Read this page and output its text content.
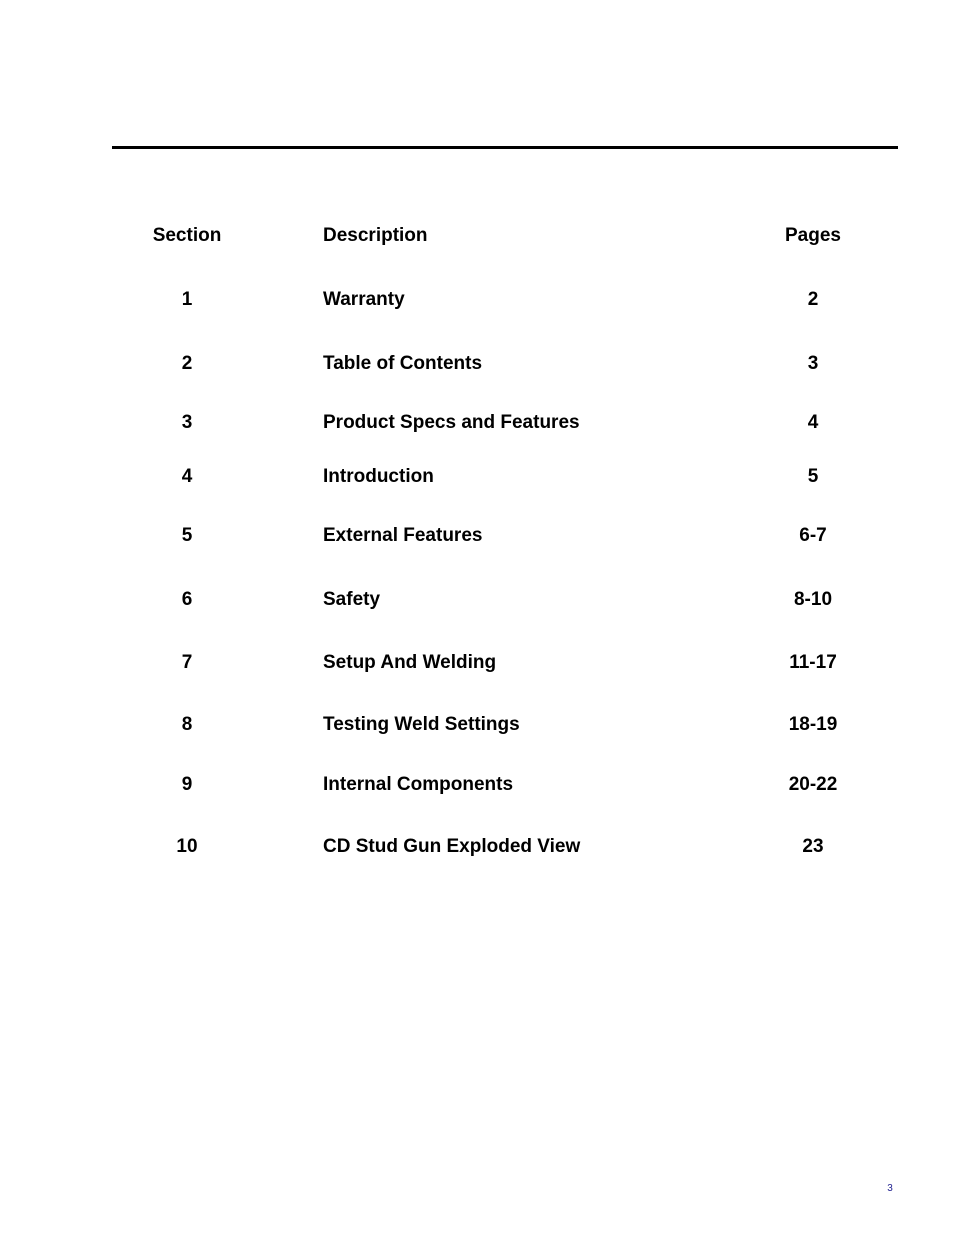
Section	Description	Pages
1	Warranty	2
2	Table of Contents	3
3	Product Specs and Features	4
4	Introduction	5
5	External Features	6-7
6	Safety	8-10
7	Setup And Welding	11-17
8	Testing Weld Settings	18-19
9	Internal Components	20-22
10	CD Stud Gun Exploded View	23
3
